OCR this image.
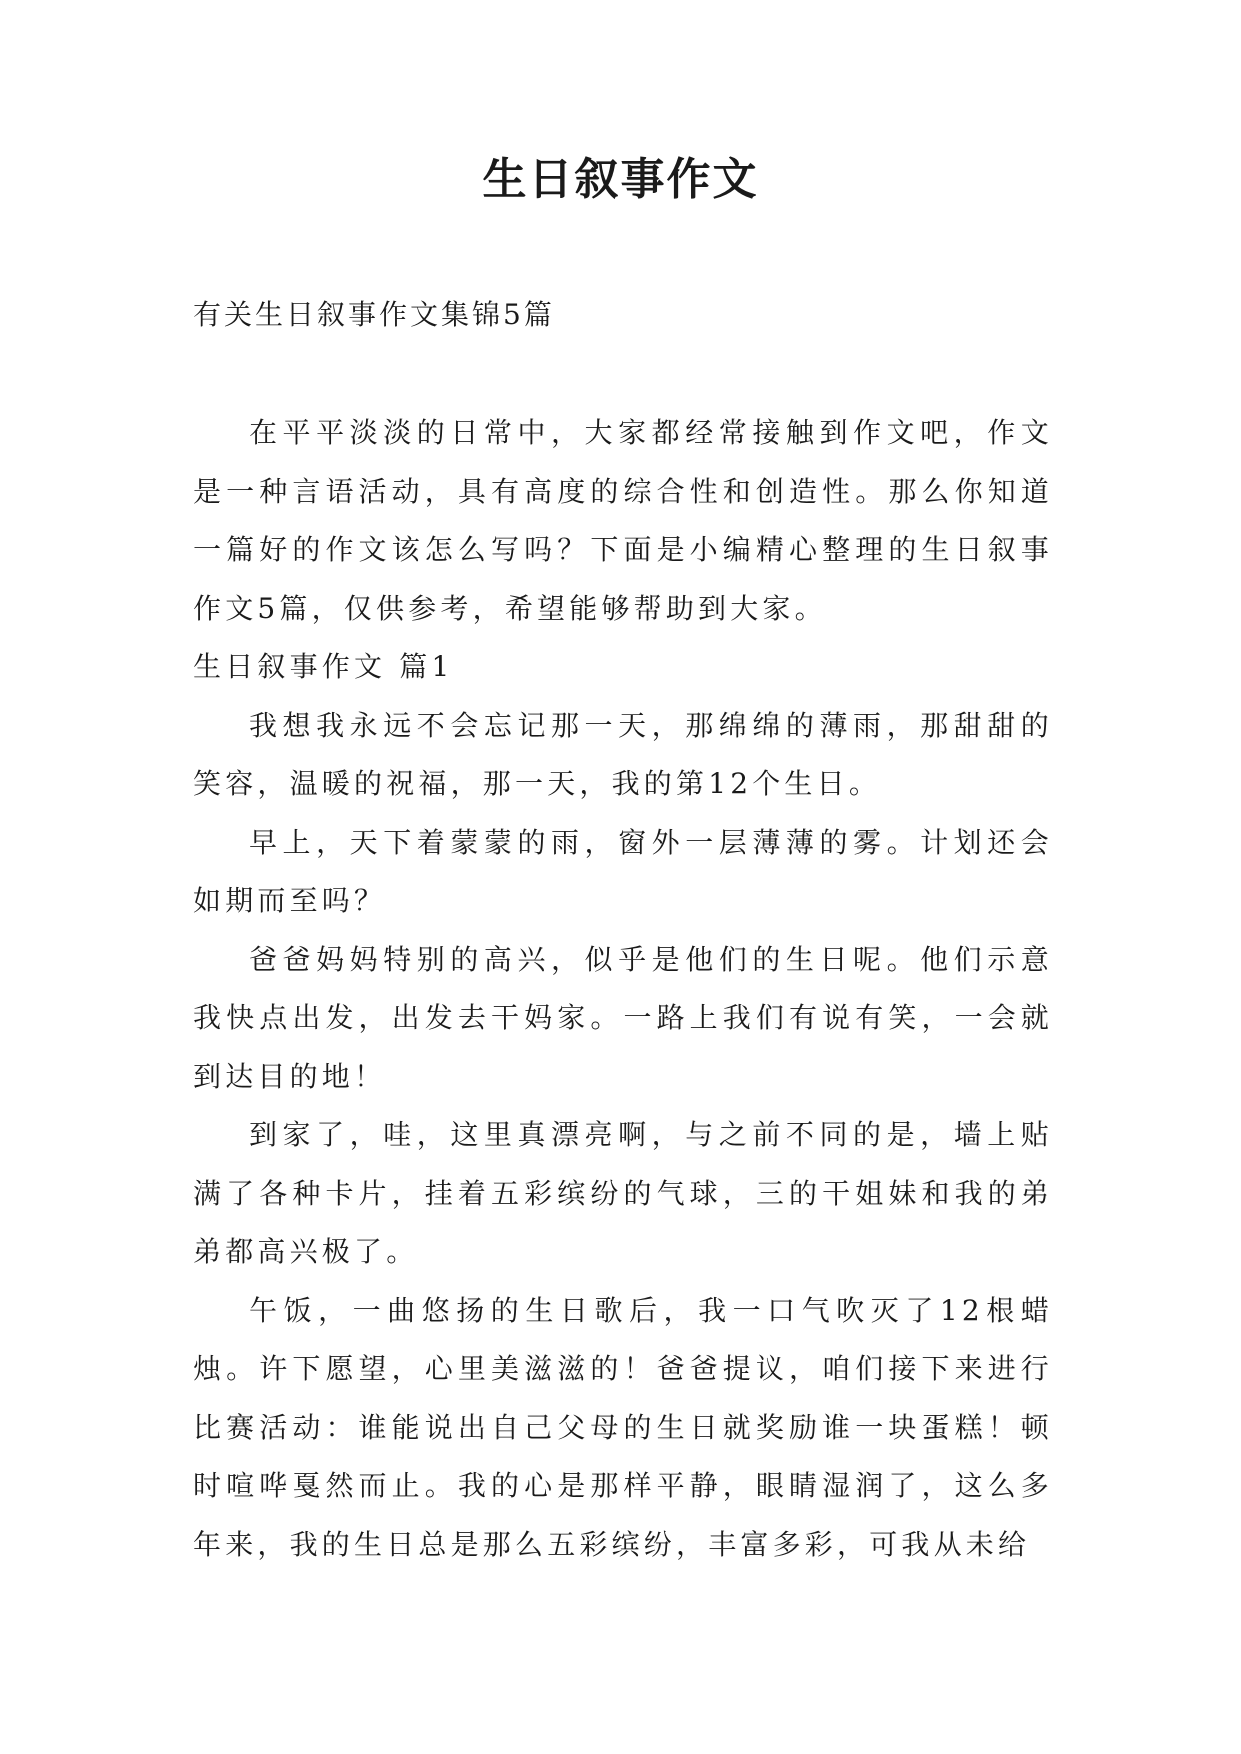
生日叙事作文

有关生日叙事作文集锦5篇

在平平淡淡的日常中，大家都经常接触到作文吧，作文是一种言语活动，具有高度的综合性和创造性。那么你知道一篇好的作文该怎么写吗？下面是小编精心整理的生日叙事作文5篇，仅供参考，希望能够帮助到大家。

生日叙事作文 篇1

我想我永远不会忘记那一天，那绵绵的薄雨，那甜甜的笑容，温暖的祝福，那一天，我的第12个生日。

早上，天下着蒙蒙的雨，窗外一层薄薄的雾。计划还会如期而至吗？

爸爸妈妈特别的高兴，似乎是他们的生日呢。他们示意我快点出发，出发去干妈家。一路上我们有说有笑，一会就到达目的地！

到家了，哇，这里真漂亮啊，与之前不同的是，墙上贴满了各种卡片，挂着五彩缤纷的气球，三的干姐妹和我的弟弟都高兴极了。

午饭，一曲悠扬的生日歌后，我一口气吹灭了12根蜡烛。许下愿望，心里美滋滋的！爸爸提议，咱们接下来进行比赛活动：谁能说出自己父母的生日就奖励谁一块蛋糕！顿时喧哗戛然而止。我的心是那样平静，眼睛湿润了，这么多年来，我的生日总是那么五彩缤纷，丰富多彩，可我从未给
